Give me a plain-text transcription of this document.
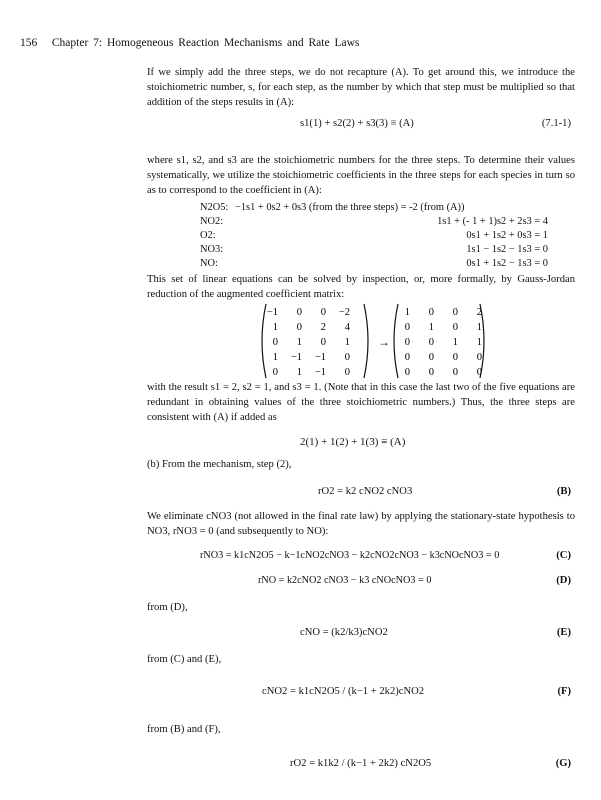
156 Chapter 7: Homogeneous Reaction Mechanisms and Rate Laws
If we simply add the three steps, we do not recapture (A). To get around this, we introduce the stoichiometric number, s, for each step, as the number by which that step must be multiplied so that addition of the steps results in (A):
s1(1) + s2(2) + s3(3) ≡ (A)	(7.1-1)
where s1, s2, and s3 are the stoichiometric numbers for the three steps. To determine their values systematically, we utilize the stoichiometric coefficients in the three steps for each species in turn so as to correspond to the coefficient in (A):
N2O5: −1s1 + 0s2 + 0s3 (from the three steps) = -2 (from (A))
NO2:	1s1 + (- 1 + 1)s2 + 2s3 = 4
O2:	0s1 + 1s2 + 0s3 = 1
NO3:	1s1 − 1s2 − 1s3 = 0
NO:	0s1 + 1s2 − 1s3 = 0
This set of linear equations can be solved by inspection, or, more formally, by Gauss-Jordan reduction of the augmented coefficient matrix:
−1 0 0 −2
1 0 2 4
0 1 0 1
1 −1 −1 0
0 1 −1 0
→
1 0 0 2
0 1 0 1
0 0 1 1
0 0 0 0
0 0 0 0
with the result s1 = 2, s2 = 1, and s3 = 1. (Note that in this case the last two of the five equations are redundant in obtaining values of the three stoichiometric numbers.) Thus, the three steps are consistent with (A) if added as
2(1) + 1(2) + 1(3) ≡ (A)
(b) From the mechanism, step (2),
rO2 = k2 cNO2 cNO3	(B)
We eliminate cNO3 (not allowed in the final rate law) by applying the stationary-state hypothesis to NO3, rNO3 = 0 (and subsequently to NO):
rNO3 = k1cN2O5 − k−1cNO2cNO3 − k2cNO2cNO3 − k3cNOcNO3 = 0	(C)
rNO = k2cNO2 cNO3 − k3 cNOcNO3 = 0	(D)
from (D),
cNO = (k2/k3)cNO2	(E)
from (C) and (E),
cNO2 = k1cN2O5 / (k−1 + 2k2)cNO2	(F)
from (B) and (F),
rO2 = k1k2 / (k−1 + 2k2) cN2O5	(G)
